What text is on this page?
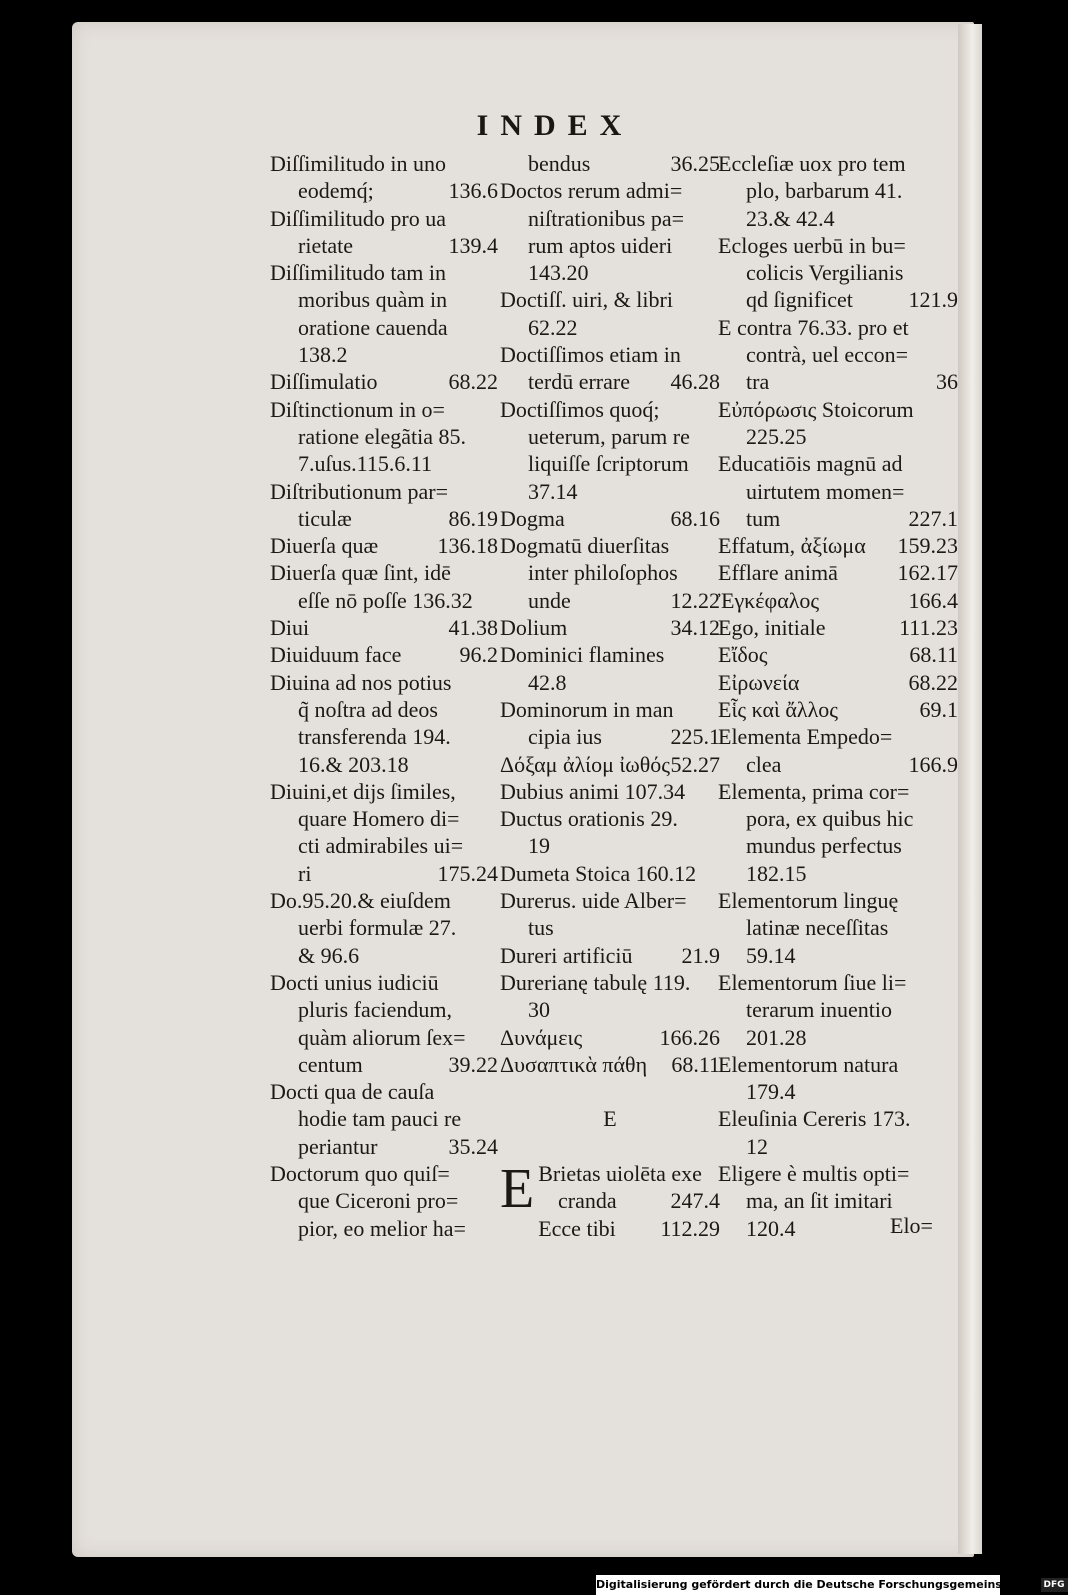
INDEX
Diſſimilitudo in uno
eodemq́;	136.6
Diſſimilitudo pro ua
rietate	139.4
Diſſimilitudo tam in
moribus quàm in
oratione cauenda
138.2
Diſſimulatio	68.22
Diſtinctionum in o=
ratione elegãtia 85.
7.uſus.115.6.11
Diſtributionum par=
ticulæ	86.19
Diuerſa quæ	136.18
Diuerſa quæ ſint, idē
eſſe nō poſſe 136.32
Diui	41.38
Diuiduum face	96.2
Diuina ad nos potius
q̃ noſtra ad deos
transferenda 194.
16.& 203.18
Diuini,et dijs ſimiles,
quare Homero di=
cti admirabiles ui=
ri	175.24
Do.95.20.& eiuſdem
uerbi formulæ 27.
& 96.6
Docti unius iudiciū
pluris faciendum,
quàm aliorum ſex=
centum	39.22
Docti qua de cauſa
hodie tam pauci re
periantur	35.24
Doctorum quo quiſ=
que Ciceroni pro=
pior, eo melior ha=
bendus	36.25
Doctos rerum admi=
niſtrationibus pa=
rum aptos uideri
143.20
Doctiſſ. uiri, & libri
62.22
Doctiſſimos etiam in
terdū errare 46.28
Doctiſſimos quoq́;
ueterum, parum re
liquiſſe ſcriptorum
37.14
Dogma	68.16
Dogmatū diuerſitas
inter philoſophos
unde	12.22
Dolium	34.12
Dominici flamines
42.8
Dominorum in man
cipia ius	225.1
Δόξαμ ἀλίομ ἰωθός 52.27
Dubius animi 107.34
Ductus orationis 29.
19
Dumeta Stoica 160.12
Durerus. uide Alber=
tus
Dureri artificiū 21.9
Durerianę tabulę 119.
30
Δυνάμεις	166.26
Δυσαπτικὰ πάθη 68.11
E
E Brietas uiolēta exe
cranda 247.4
Ecce tibi 112.29
Eccleſiæ uox pro tem
plo, barbarum 41.
23.& 42.4
Ecloges uerbū in bu=
colicis Vergilianis
qd ſignificet	121.9
E contra 76.33. pro et
contrà, uel eccon=
tra	36
Εὐπόρωσις Stoicorum
225.25
Educatiōis magnū ad
uirtutem momen=
tum	227.1
Effatum, ἀξίωμα 159.23
Efflare animā	162.17
Ἐγκέφαλος	166.4
Ego, initiale	111.23
Εἴδος	68.11
Εἰρωνεία	68.22
Εἷς καὶ ἄλλος	69.1
Elementa Empedo=
clea	166.9
Elementa, prima cor=
pora, ex quibus hic
mundus perfectus
182.15
Elementorum linguę
latinæ neceſſitas
59.14
Elementorum ſiue li=
terarum inuentio
201.28
Elementorum natura
179.4
Eleuſinia Cereris 173.
12
Eligere è multis opti=
ma, an ſit imitari
120.4	Elo=
Digitalisierung gefördert durch die Deutsche Forschungsgemeinschaft DFG
